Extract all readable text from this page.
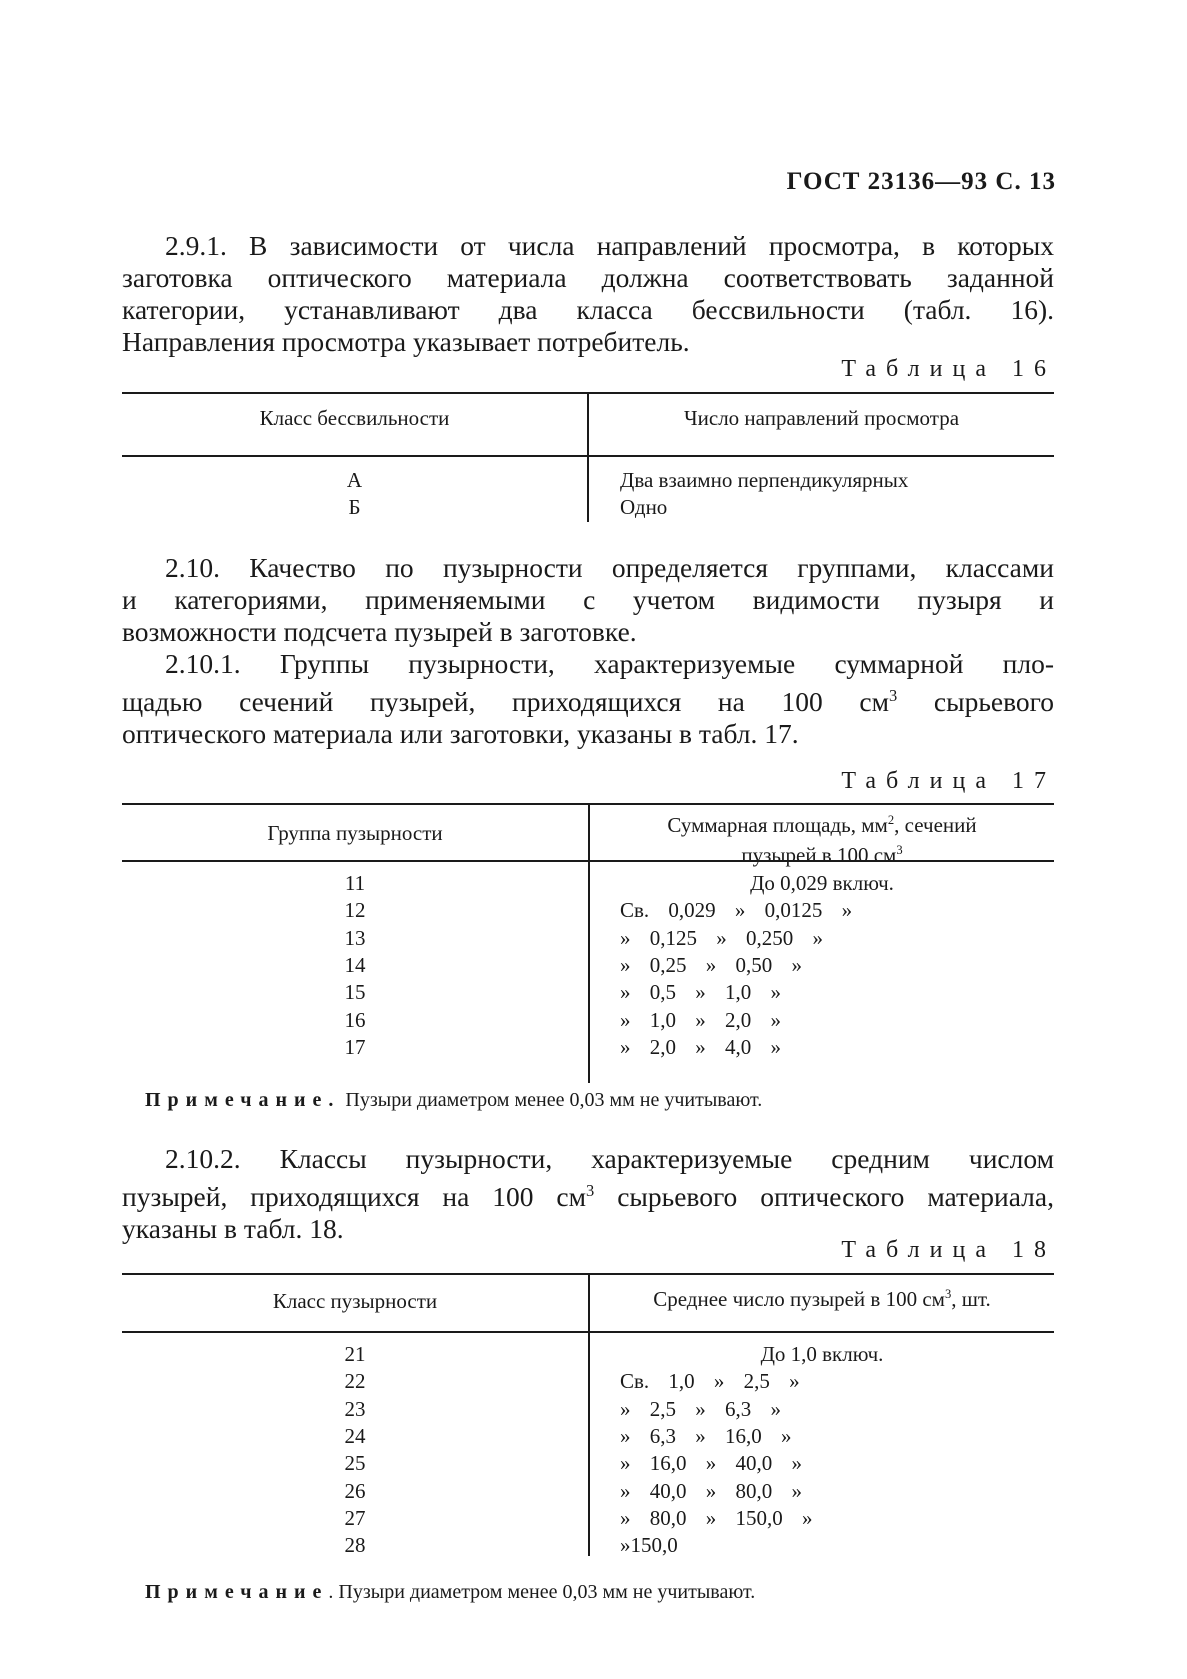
ГОСТ 23136—93 С. 13
2.9.1. В зависимости от числа направлений просмотра, в которых
заготовка оптического материала должна соответствовать заданной
категории, устанавливают два класса бессвильности (табл. 16).
Направления просмотра указывает потребитель.
Таблица 16
Класс бессвильности	Число направлений просмотра
А	Два взаимно перпендикулярных
Б	Одно
2.10. Качество по пузырности определяется группами, классами
и категориями, применяемыми с учетом видимости пузыря и
возможности подсчета пузырей в заготовке.
2.10.1. Группы пузырности, характеризуемые суммарной пло-
щадью сечений пузырей, приходящихся на 100 $см^3$ сырьевого
оптического материала или заготовки, указаны в табл. 17.
Таблица 17
Группа пузырности	Суммарная площадь, $мм^2$, сечений
пузырей в 100 $см^3$
11	До 0,029 включ.
12	Св. 0,029 » 0,0125 »
13	» 0,125 » 0,250 »
14	» 0,25 » 0,50 »
15	» 0,5 » 1,0 »
16	» 1,0 » 2,0 »
17	» 2,0 » 4,0 »
Примечание. Пузыри диаметром менее 0,03 мм не учитывают.
2.10.2. Классы пузырности, характеризуемые средним числом
пузырей, приходящихся на 100 $см^3$ сырьевого оптического материала,
указаны в табл. 18.
Таблица 18
Класс пузырности	Среднее число пузырей в 100 $см^3$, шт.
21	До 1,0 включ.
22	Св. 1,0 » 2,5 »
23	» 2,5 » 6,3 »
24	» 6,3 » 16,0 »
25	» 16,0 » 40,0 »
26	» 40,0 » 80,0 »
27	» 80,0 » 150,0 »
28	»150,0
Примечание. Пузыри диаметром менее 0,03 мм не учитывают.
